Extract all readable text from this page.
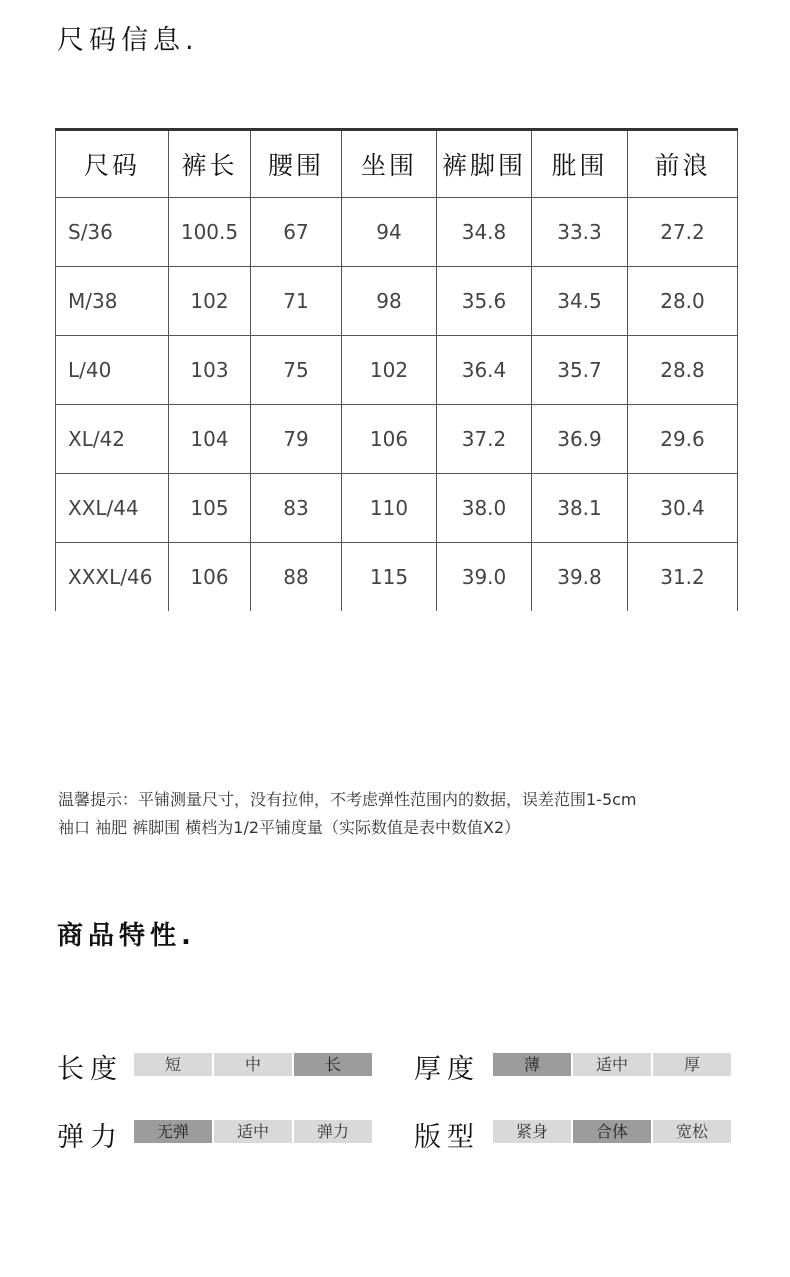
尺码信息.
尺码	裤长	腰围	坐围	裤脚围	肶围	前浪
S/36	100.5	67	94	34.8	33.3	27.2
M/38	102	71	98	35.6	34.5	28.0
L/40	103	75	102	36.4	35.7	28.8
XL/42	104	79	106	37.2	36.9	29.6
XXL/44	105	83	110	38.0	38.1	30.4
XXXL/46	106	88	115	39.0	39.8	31.2

温馨提示：平铺测量尺寸，没有拉伸，不考虑弹性范围内的数据，误差范围1-5cm

袖口 袖肥 裤脚围 横档为1/2平铺度量（实际数值是表中数值X2）

商品特性.
长度	短	中	长	厚度	薄	适中	厚
弹力	无弹	适中	弹力	版型	紧身	合体	宽松
